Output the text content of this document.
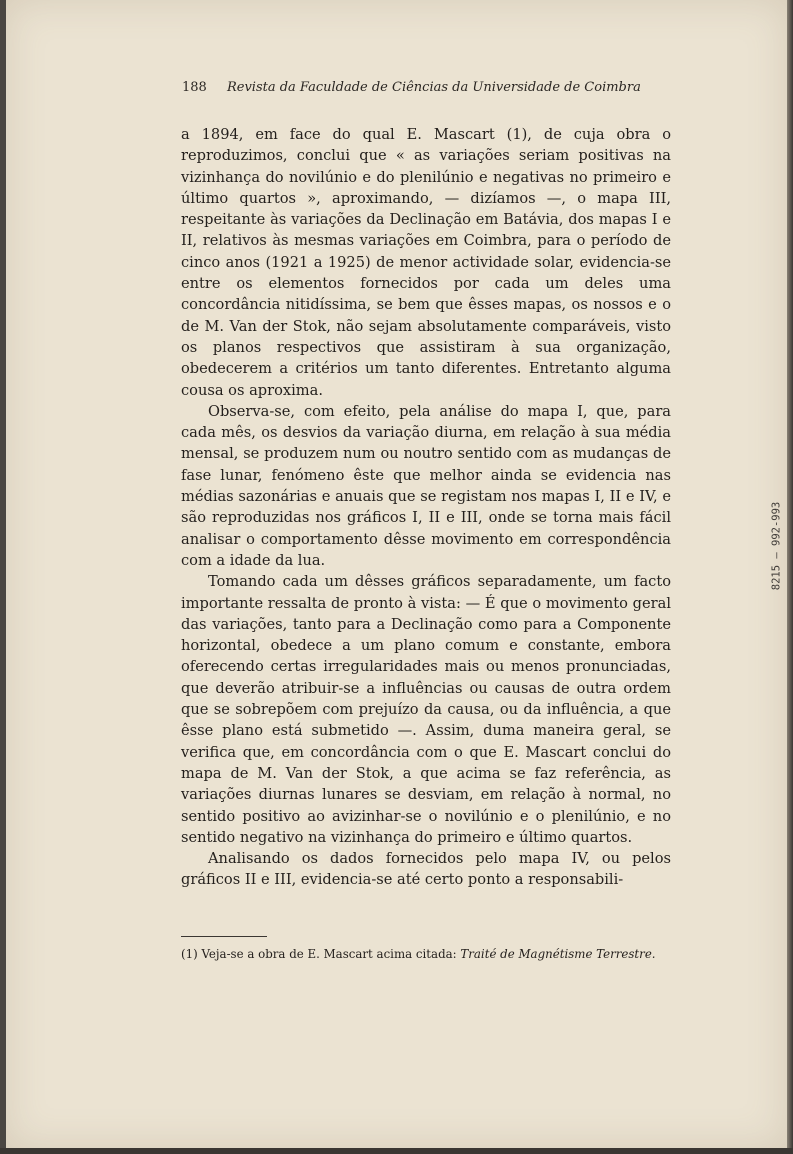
188 Revista da Faculdade de Ciências da Universidade de Coimbra

a 1894, em face do qual E. Mascart (1), de cuja obra o reproduzimos, conclui que « as variações seriam positivas na vizinhança do novilúnio e do plenilúnio e negativas no primeiro e último quartos », aproximando, — dizíamos —, o mapa III, respeitante às variações da Declinação em Batávia, dos mapas I e II, relativos às mesmas variações em Coimbra, para o período de cinco anos (1921 a 1925) de menor actividade solar, evidencia-se entre os elementos fornecidos por cada um deles uma concordância nitidíssima, se bem que êsses mapas, os nossos e o de M. Van der Stok, não sejam absolutamente comparáveis, visto os planos respectivos que assistiram à sua organização, obedecerem a critérios um tanto diferentes. Entretanto alguma cousa os aproxima.

Observa-se, com efeito, pela análise do mapa I, que, para cada mês, os desvios da variação diurna, em relação à sua média mensal, se produzem num ou noutro sentido com as mudanças de fase lunar, fenómeno êste que melhor ainda se evidencia nas médias sazonárias e anuais que se registam nos mapas I, II e IV, e são reproduzidas nos gráficos I, II e III, onde se torna mais fácil analisar o comportamento dêsse movimento em correspondência com a idade da lua.

Tomando cada um dêsses gráficos separadamente, um facto importante ressalta de pronto à vista: — É que o movimento geral das variações, tanto para a Declinação como para a Componente horizontal, obedece a um plano comum e constante, embora oferecendo certas irregularidades mais ou menos pronunciadas, que deverão atribuir-se a influências ou causas de outra ordem que se sobrepõem com prejuízo da causa, ou da influência, a que êsse plano está submetido —. Assim, duma maneira geral, se verifica que, em concordância com o que E. Mascart conclui do mapa de M. Van der Stok, a que acima se faz referência, as variações diurnas lunares se desviam, em relação à normal, no sentido positivo ao avizinhar-se o novilúnio e o plenilúnio, e no sentido negativo na vizinhança do primeiro e último quartos.

Analisando os dados fornecidos pelo mapa IV, ou pelos gráficos II e III, evidencia-se até certo ponto a responsabili-

(1) Veja-se a obra de E. Mascart acima citada: Traité de Magnétisme Terrestre.
8215 — 992-993
